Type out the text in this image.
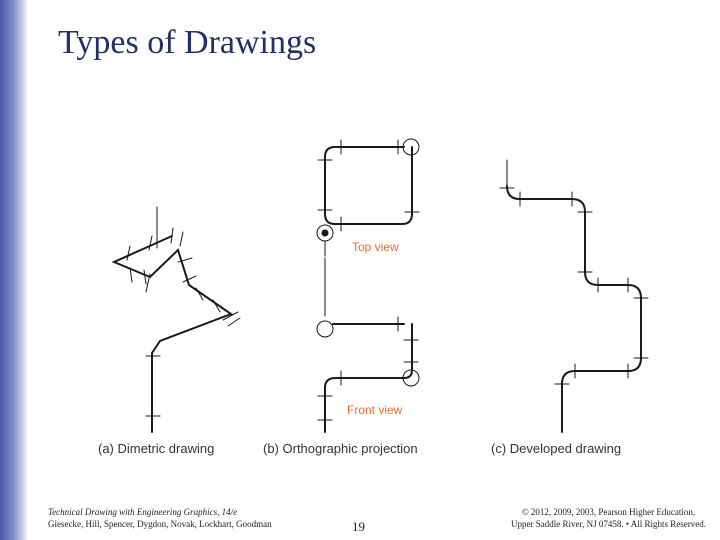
Types of Drawings
Top view
Front view
(a) Dimetric drawing	(b) Orthographic projection	(c) Developed drawing
Technical Drawing with Engineering Graphics, 14/e
Giesecke, Hill, Spencer, Dygdon, Novak, Lockhart, Goodman	19
© 2012, 2009, 2003, Pearson Higher Education,
Upper Saddle River, NJ 07458. • All Rights Reserved.
